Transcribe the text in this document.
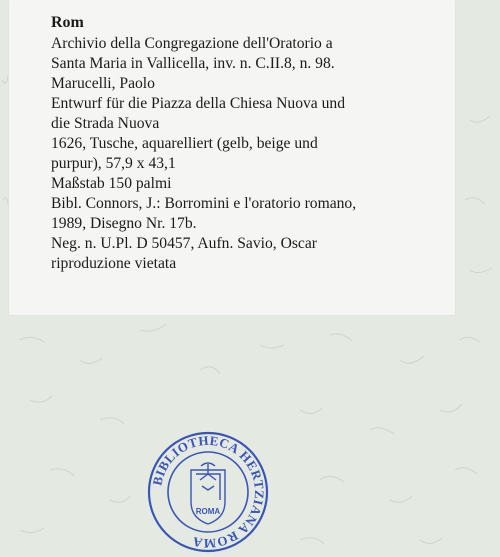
Rom
Archivio della Congregazione dell'Oratorio a
Santa Maria in Vallicella, inv. n. C.II.8, n. 98.
Marucelli, Paolo
Entwurf für die Piazza della Chiesa Nuova und
die Strada Nuova
1626, Tusche, aquarelliert (gelb, beige und
purpur), 57,9 x 43,1
Maßstab 150 palmi
Bibl. Connors, J.: Borromini e l'oratorio romano,
1989, Disegno Nr. 17b.
Neg. n. U.Pl. D 50457, Aufn. Savio, Oscar
riproduzione vietata
BIBLIOTHECA HERTZIANA ROMA
ROMA
